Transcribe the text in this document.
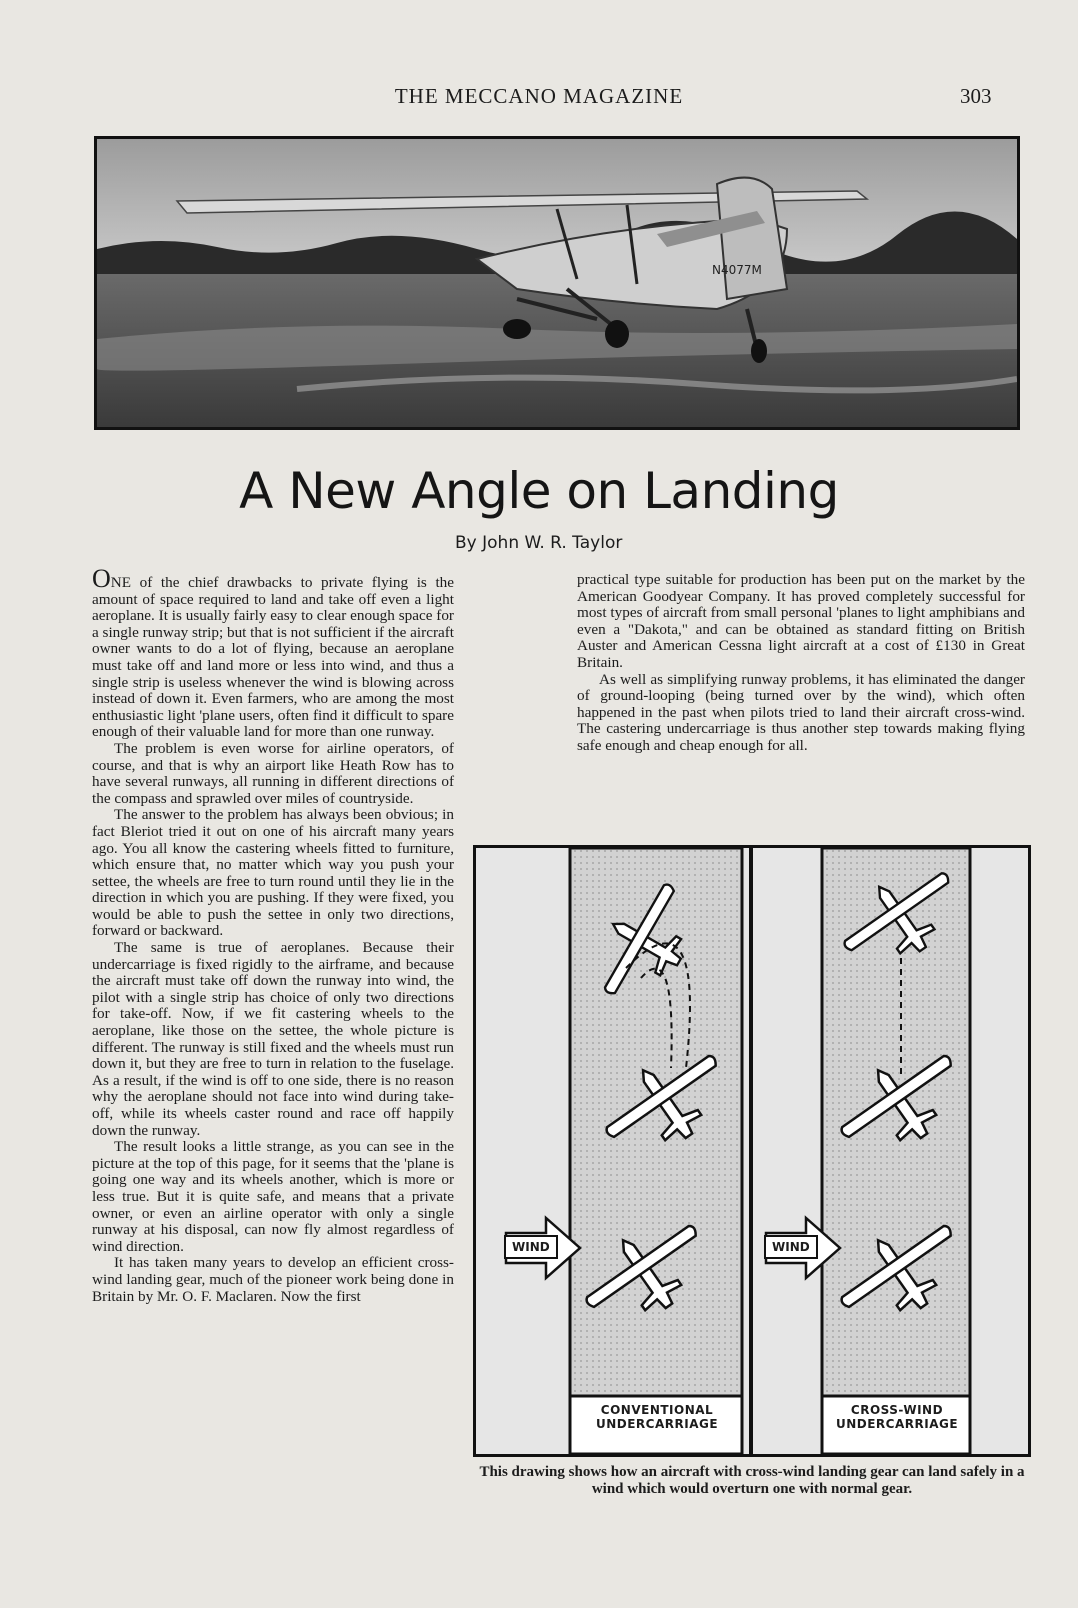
THE MECCANO MAGAZINE	303
N4077M
A New Angle on Landing
By John W. R. Taylor

ONE of the chief drawbacks to private flying is the amount of space required to land and take off even a light aeroplane. It is usually fairly easy to clear enough space for a single runway strip; but that is not sufficient if the aircraft owner wants to do a lot of flying, because an aeroplane must take off and land more or less into wind, and thus a single strip is useless whenever the wind is blowing across instead of down it. Even farmers, who are among the most enthusiastic light 'plane users, often find it difficult to spare enough of their valuable land for more than one runway.

The problem is even worse for airline operators, of course, and that is why an airport like Heath Row has to have several runways, all running in different directions of the compass and sprawled over miles of countryside.

The answer to the problem has always been obvious; in fact Bleriot tried it out on one of his aircraft many years ago. You all know the castering wheels fitted to furniture, which ensure that, no matter which way you push your settee, the wheels are free to turn round until they lie in the direction in which you are pushing. If they were fixed, you would be able to push the settee in only two directions, forward or backward.

The same is true of aeroplanes. Because their undercarriage is fixed rigidly to the airframe, and because the aircraft must take off down the runway into wind, the pilot with a single strip has choice of only two directions for take-off. Now, if we fit castering wheels to the aeroplane, like those on the settee, the whole picture is different. The runway is still fixed and the wheels must run down it, but they are free to turn in relation to the fuselage. As a result, if the wind is off to one side, there is no reason why the aeroplane should not face into wind during take-off, while its wheels caster round and race off happily down the runway.

The result looks a little strange, as you can see in the picture at the top of this page, for it seems that the 'plane is going one way and its wheels another, which is more or less true. But it is quite safe, and means that a private owner, or even an airline operator with only a single runway at his disposal, can now fly almost regardless of wind direction.

It has taken many years to develop an efficient cross-wind landing gear, much of the pioneer work being done in Britain by Mr. O. F. Maclaren. Now the first

practical type suitable for production has been put on the market by the American Goodyear Company. It has proved completely successful for most types of aircraft from small personal 'planes to light amphibians and even a "Dakota," and can be obtained as standard fitting on British Auster and American Cessna light aircraft at a cost of £130 in Great Britain.

As well as simplifying runway problems, it has eliminated the danger of ground-looping (being turned over by the wind), which often happened in the past when pilots tried to land their aircraft cross-wind. The castering undercarriage is thus another step towards making flying safe enough and cheap enough for all.

WIND	WIND
CONVENTIONAL UNDERCARRIAGE
CROSS-WIND UNDERCARRIAGE
This drawing shows how an aircraft with cross-wind landing gear can land safely in a wind which would overturn one with normal gear.
